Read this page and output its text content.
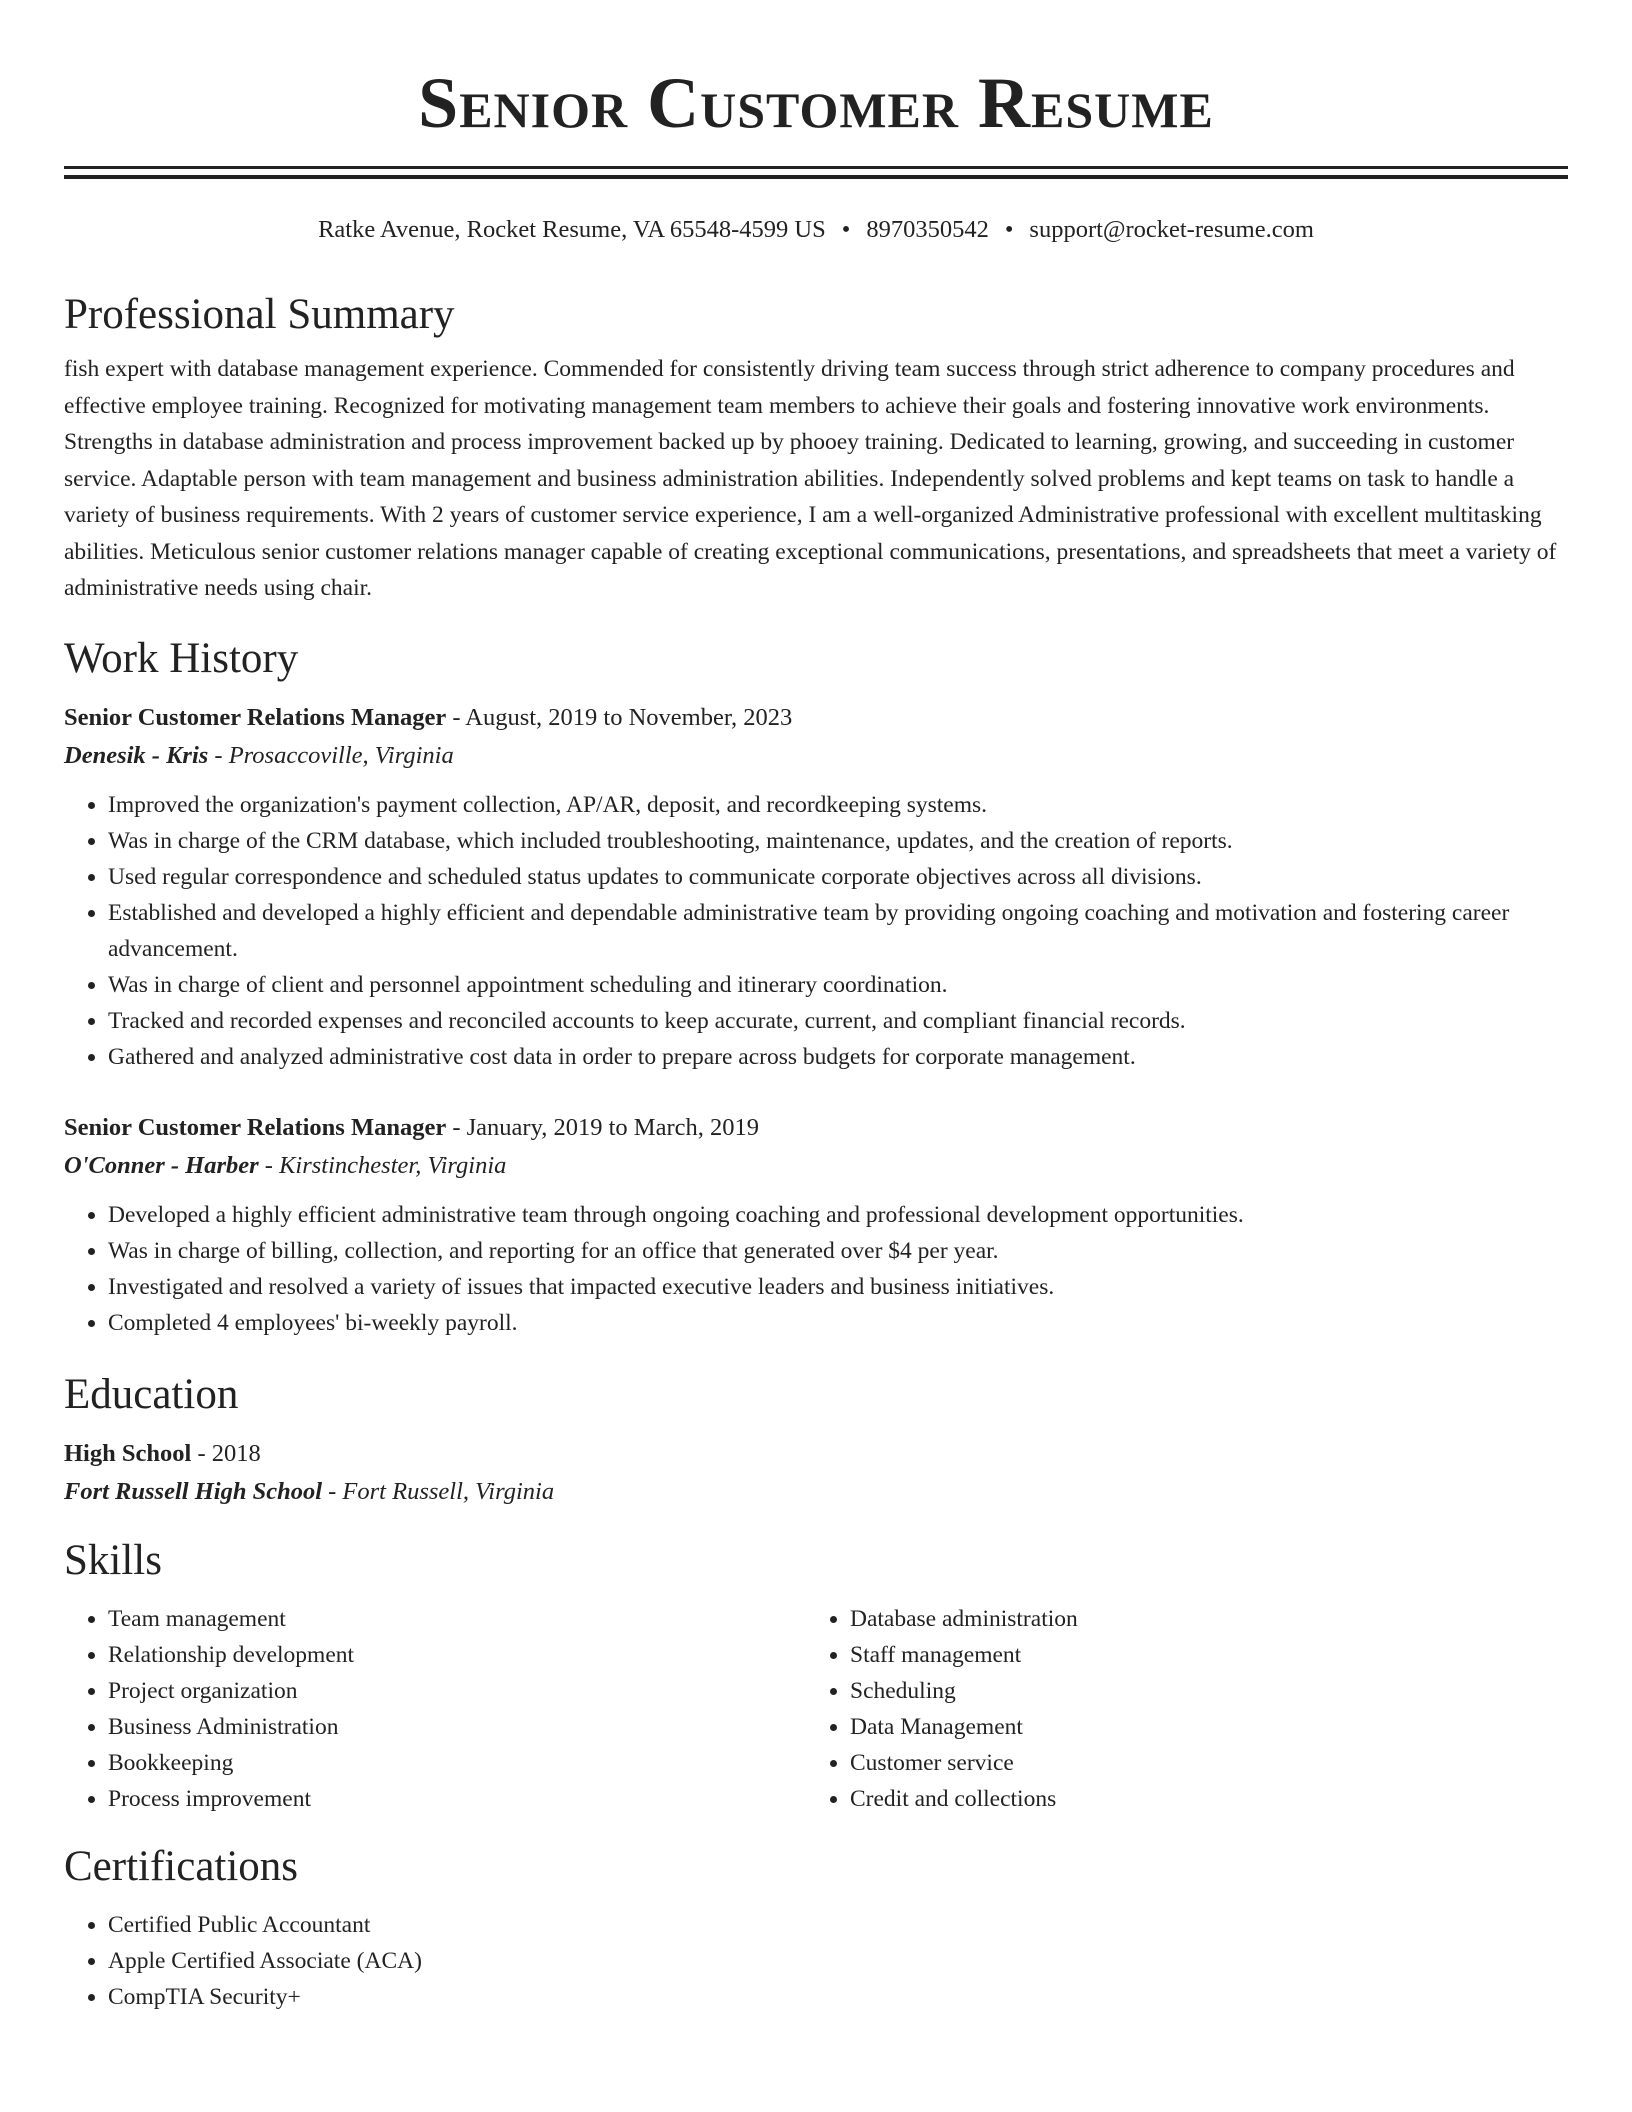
Senior Customer Resume
Ratke Avenue, Rocket Resume, VA 65548-4599 US • 8970350542 • support@rocket-resume.com
Professional Summary

fish expert with database management experience. Commended for consistently driving team success through strict adherence to company procedures and effective employee training. Recognized for motivating management team members to achieve their goals and fostering innovative work environments. Strengths in database administration and process improvement backed up by phooey training. Dedicated to learning, growing, and succeeding in customer service. Adaptable person with team management and business administration abilities. Independently solved problems and kept teams on task to handle a variety of business requirements. With 2 years of customer service experience, I am a well-organized Administrative professional with excellent multitasking abilities. Meticulous senior customer relations manager capable of creating exceptional communications, presentations, and spreadsheets that meet a variety of administrative needs using chair.

Work History
Senior Customer Relations Manager - August, 2019 to November, 2023
Denesik - Kris - Prosaccoville, Virginia
• Improved the organization's payment collection, AP/AR, deposit, and recordkeeping systems.
• Was in charge of the CRM database, which included troubleshooting, maintenance, updates, and the creation of reports.
• Used regular correspondence and scheduled status updates to communicate corporate objectives across all divisions.
• Established and developed a highly efficient and dependable administrative team by providing ongoing coaching and motivation and fostering career advancement.
• Was in charge of client and personnel appointment scheduling and itinerary coordination.
• Tracked and recorded expenses and reconciled accounts to keep accurate, current, and compliant financial records.
• Gathered and analyzed administrative cost data in order to prepare across budgets for corporate management.
Senior Customer Relations Manager - January, 2019 to March, 2019
O'Conner - Harber - Kirstinchester, Virginia
• Developed a highly efficient administrative team through ongoing coaching and professional development opportunities.
• Was in charge of billing, collection, and reporting for an office that generated over $4 per year.
• Investigated and resolved a variety of issues that impacted executive leaders and business initiatives.
• Completed 4 employees' bi-weekly payroll.
Education
High School - 2018
Fort Russell High School - Fort Russell, Virginia
Skills
• Team management
• Relationship development
• Project organization
• Business Administration
• Bookkeeping
• Process improvement
• Database administration
• Staff management
• Scheduling
• Data Management
• Customer service
• Credit and collections
Certifications
• Certified Public Accountant
• Apple Certified Associate (ACA)
• CompTIA Security+
